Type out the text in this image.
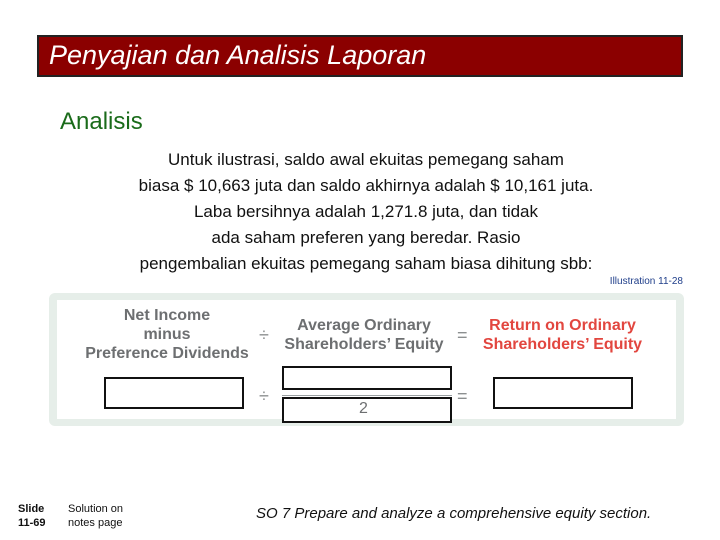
Penyajian dan Analisis Laporan
Analisis
Untuk ilustrasi, saldo awal ekuitas pemegang saham
biasa $ 10,663 juta dan saldo akhirnya adalah $ 10,161 juta.
Laba bersihnya adalah 1,271.8 juta, dan tidak
ada saham preferen yang beredar. Rasio
pengembalian ekuitas pemegang saham biasa dihitung sbb:
Illustration 11-28
Net Income
minus
Preference Dividends
÷	Average Ordinary
Shareholders’ Equity =	Return on Ordinary
Shareholders’ Equity
÷
2
=
Slide
11-69
Solution on
notes page
SO 7 Prepare and analyze a comprehensive equity section.
